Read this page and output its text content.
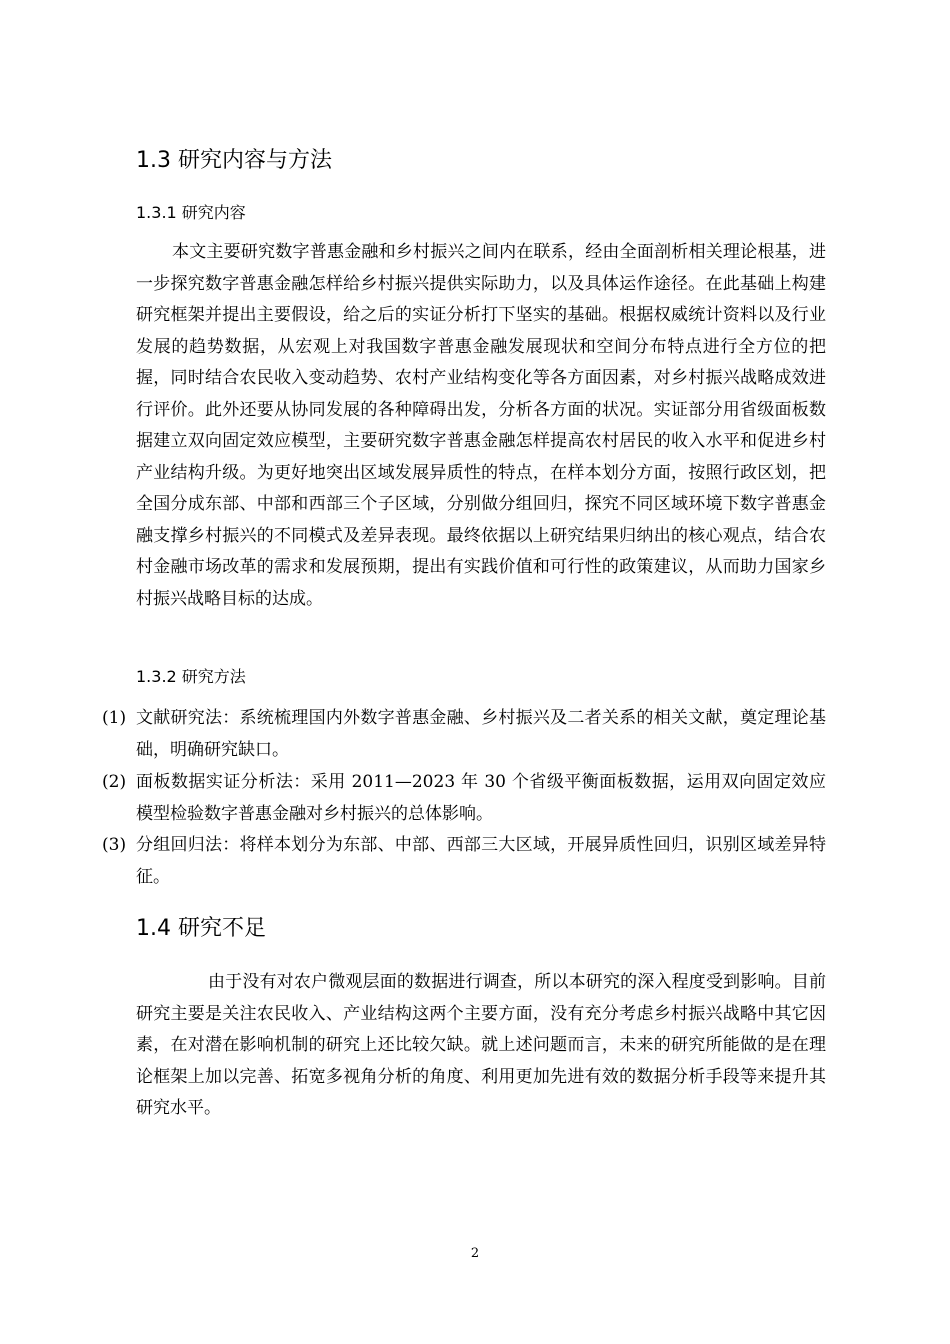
1.3 研究内容与方法
1.3.1 研究内容

本文主要研究数字普惠金融和乡村振兴之间内在联系，经由全面剖析相关理论根基，进一步探究数字普惠金融怎样给乡村振兴提供实际助力，以及具体运作途径。在此基础上构建研究框架并提出主要假设，给之后的实证分析打下坚实的基础。根据权威统计资料以及行业发展的趋势数据，从宏观上对我国数字普惠金融发展现状和空间分布特点进行全方位的把握，同时结合农民收入变动趋势、农村产业结构变化等各方面因素，对乡村振兴战略成效进行评价。此外还要从协同发展的各种障碍出发，分析各方面的状况。实证部分用省级面板数据建立双向固定效应模型，主要研究数字普惠金融怎样提高农村居民的收入水平和促进乡村产业结构升级。为更好地突出区域发展异质性的特点，在样本划分方面，按照行政区划，把全国分成东部、中部和西部三个子区域，分别做分组回归，探究不同区域环境下数字普惠金融支撑乡村振兴的不同模式及差异表现。最终依据以上研究结果归纳出的核心观点，结合农村金融市场改革的需求和发展预期，提出有实践价值和可行性的政策建议，从而助力国家乡村振兴战略目标的达成。

1.3.2 研究方法
(1) 文献研究法：系统梳理国内外数字普惠金融、乡村振兴及二者关系的相关文献，奠定理论基础，明确研究缺口。

(2) 面板数据实证分析法：采用 2011—2023 年 30 个省级平衡面板数据，运用双向固定效应模型检验数字普惠金融对乡村振兴的总体影响。

(3) 分组回归法：将样本划分为东部、中部、西部三大区域，开展异质性回归，识别区域差异特征。

1.4 研究不足

由于没有对农户微观层面的数据进行调查，所以本研究的深入程度受到影响。目前研究主要是关注农民收入、产业结构这两个主要方面，没有充分考虑乡村振兴战略中其它因素，在对潜在影响机制的研究上还比较欠缺。就上述问题而言，未来的研究所能做的是在理论框架上加以完善、拓宽多视角分析的角度、利用更加先进有效的数据分析手段等来提升其研究水平。

2
